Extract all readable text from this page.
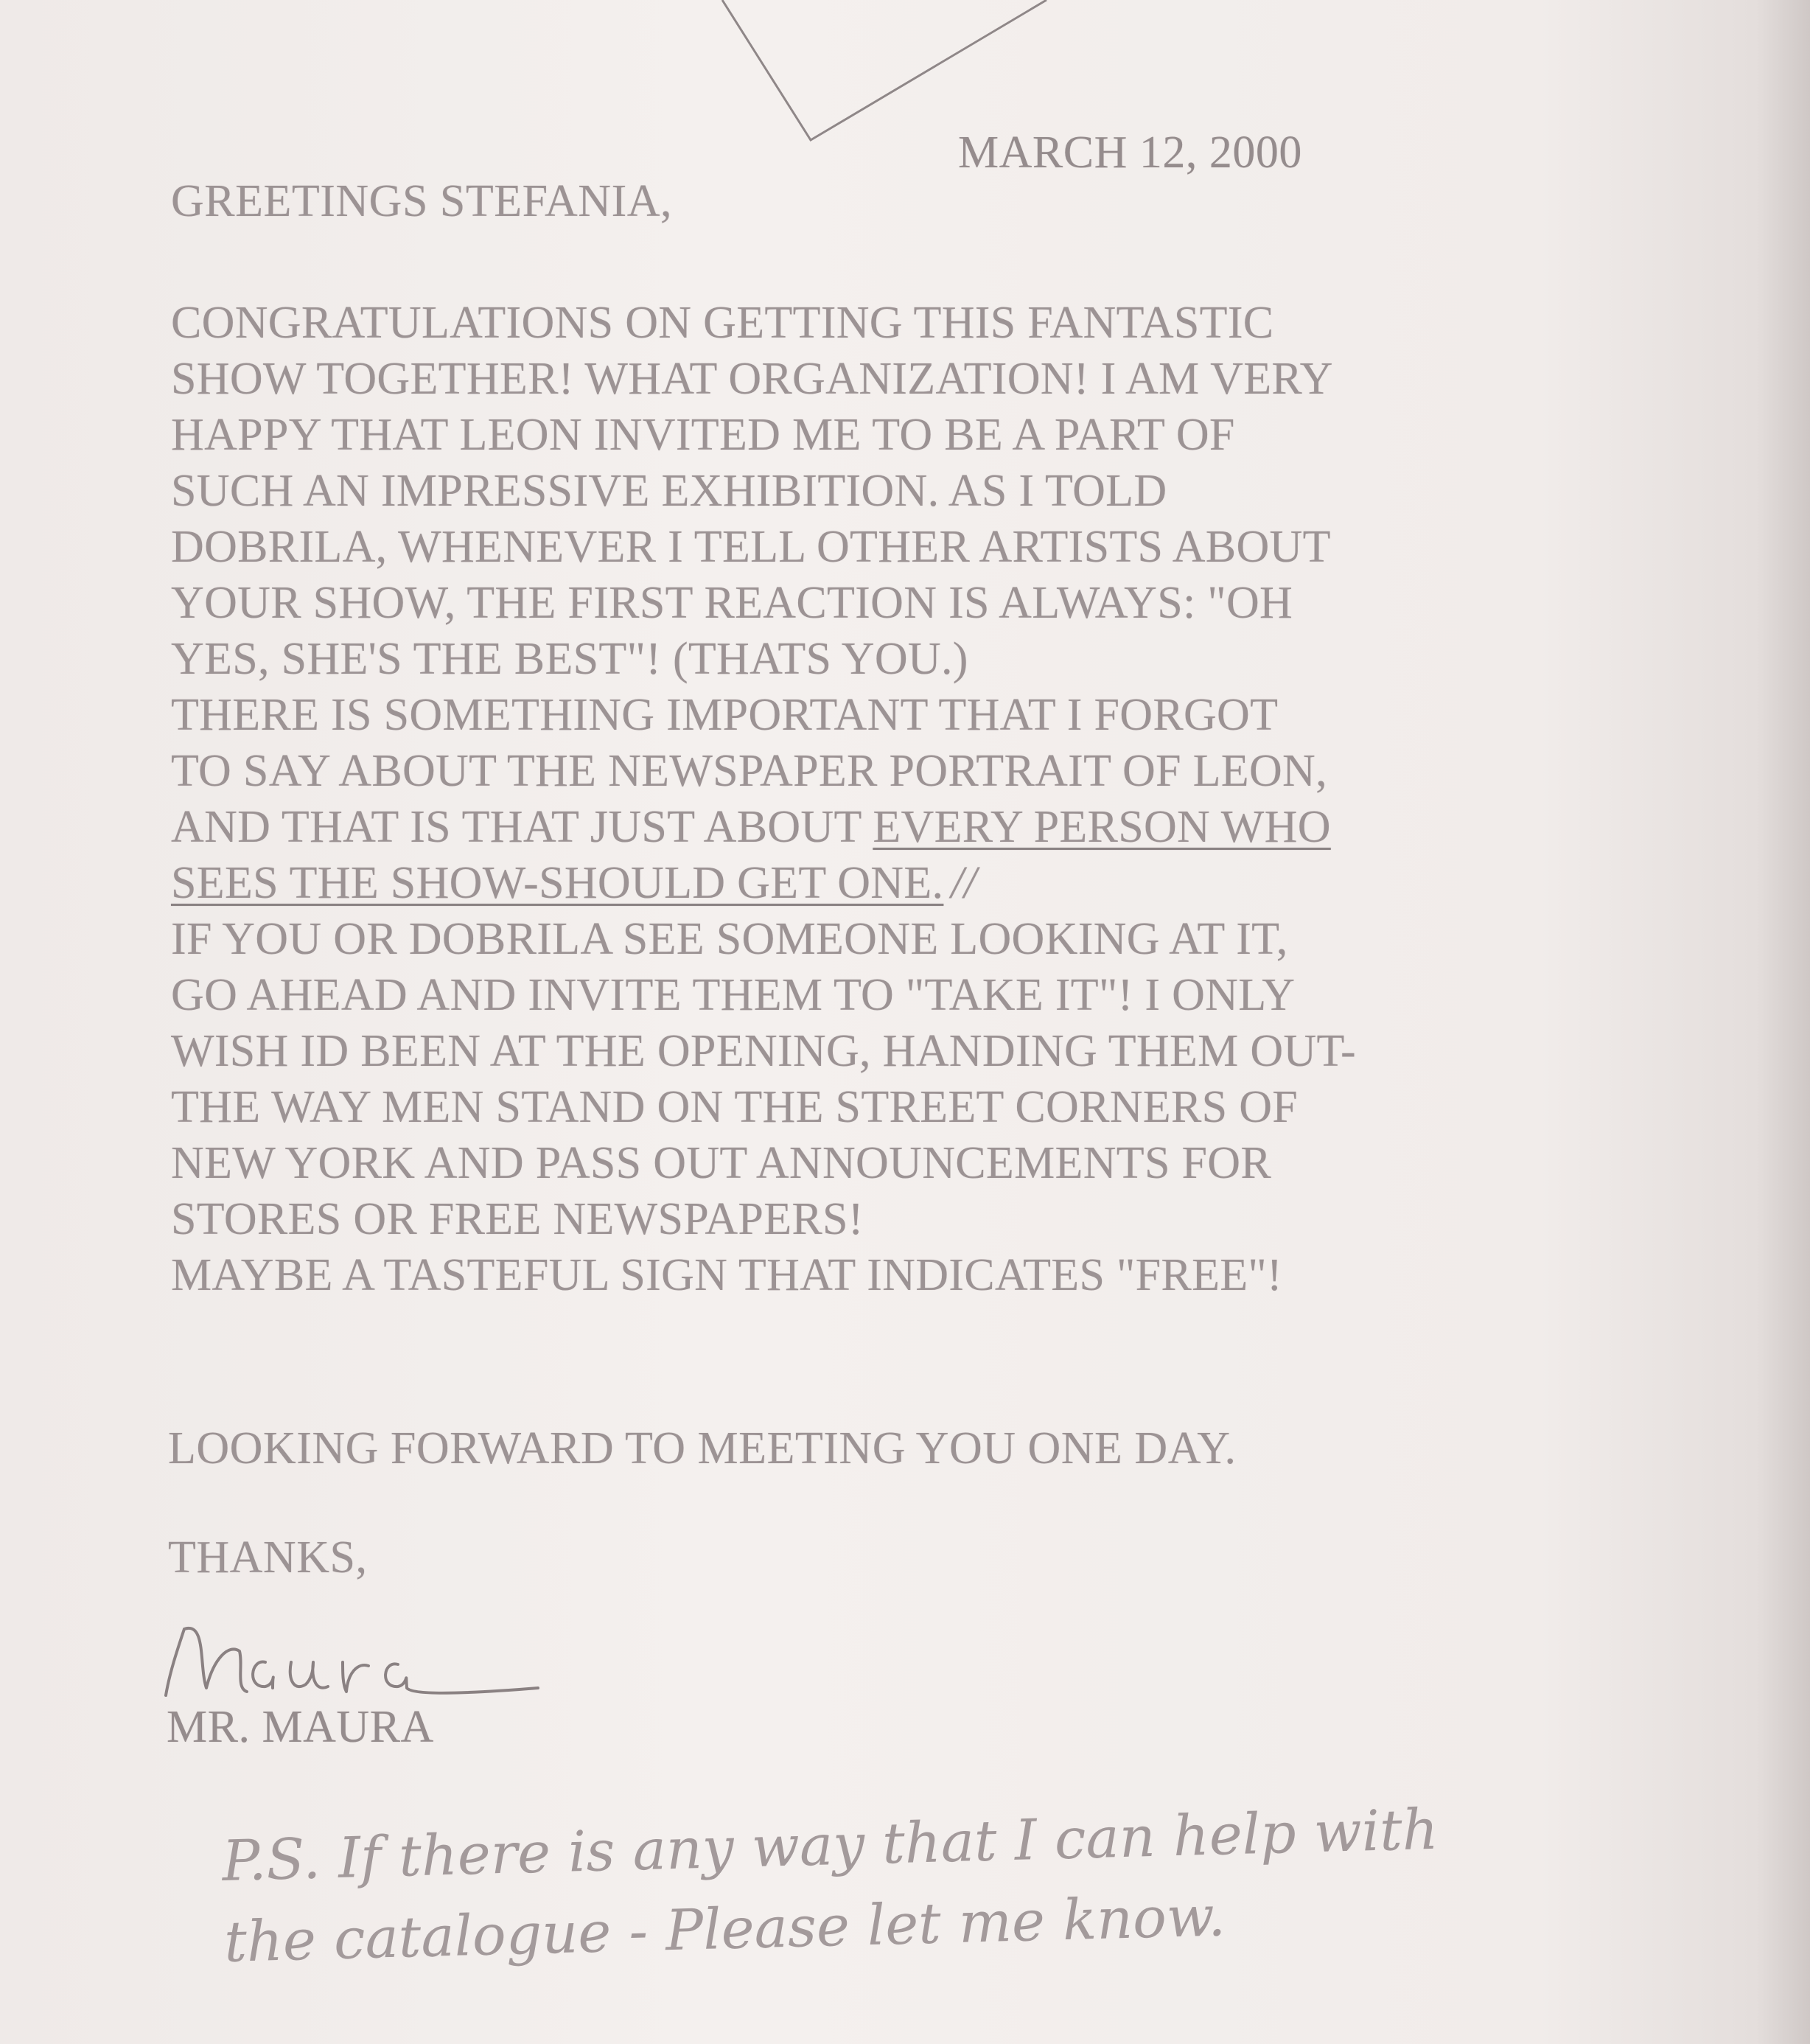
MARCH 12, 2000
GREETINGS STEFANIA,
CONGRATULATIONS ON GETTING THIS FANTASTIC
SHOW TOGETHER! WHAT ORGANIZATION! I AM VERY
HAPPY THAT LEON INVITED ME TO BE A PART OF
SUCH AN IMPRESSIVE EXHIBITION. AS I TOLD
DOBRILA, WHENEVER I TELL OTHER ARTISTS ABOUT
YOUR SHOW, THE FIRST REACTION IS ALWAYS: "OH
YES, SHE'S THE BEST"! (THATS YOU.)
THERE IS SOMETHING IMPORTANT THAT I FORGOT
TO SAY ABOUT THE NEWSPAPER PORTRAIT OF LEON,
AND THAT IS THAT JUST ABOUT EVERY PERSON WHO
SEES THE SHOW-SHOULD GET ONE. //
IF YOU OR DOBRILA SEE SOMEONE LOOKING AT IT,
GO AHEAD AND INVITE THEM TO "TAKE IT"! I ONLY
WISH ID BEEN AT THE OPENING, HANDING THEM OUT-
THE WAY MEN STAND ON THE STREET CORNERS OF
NEW YORK AND PASS OUT ANNOUNCEMENTS FOR
STORES OR FREE NEWSPAPERS!
MAYBE A TASTEFUL SIGN THAT INDICATES "FREE"!
LOOKING FORWARD TO MEETING YOU ONE DAY.
THANKS,
MR. MAURA
P.S. If there is any way that I can help with
the catalogue - Please let me know.
